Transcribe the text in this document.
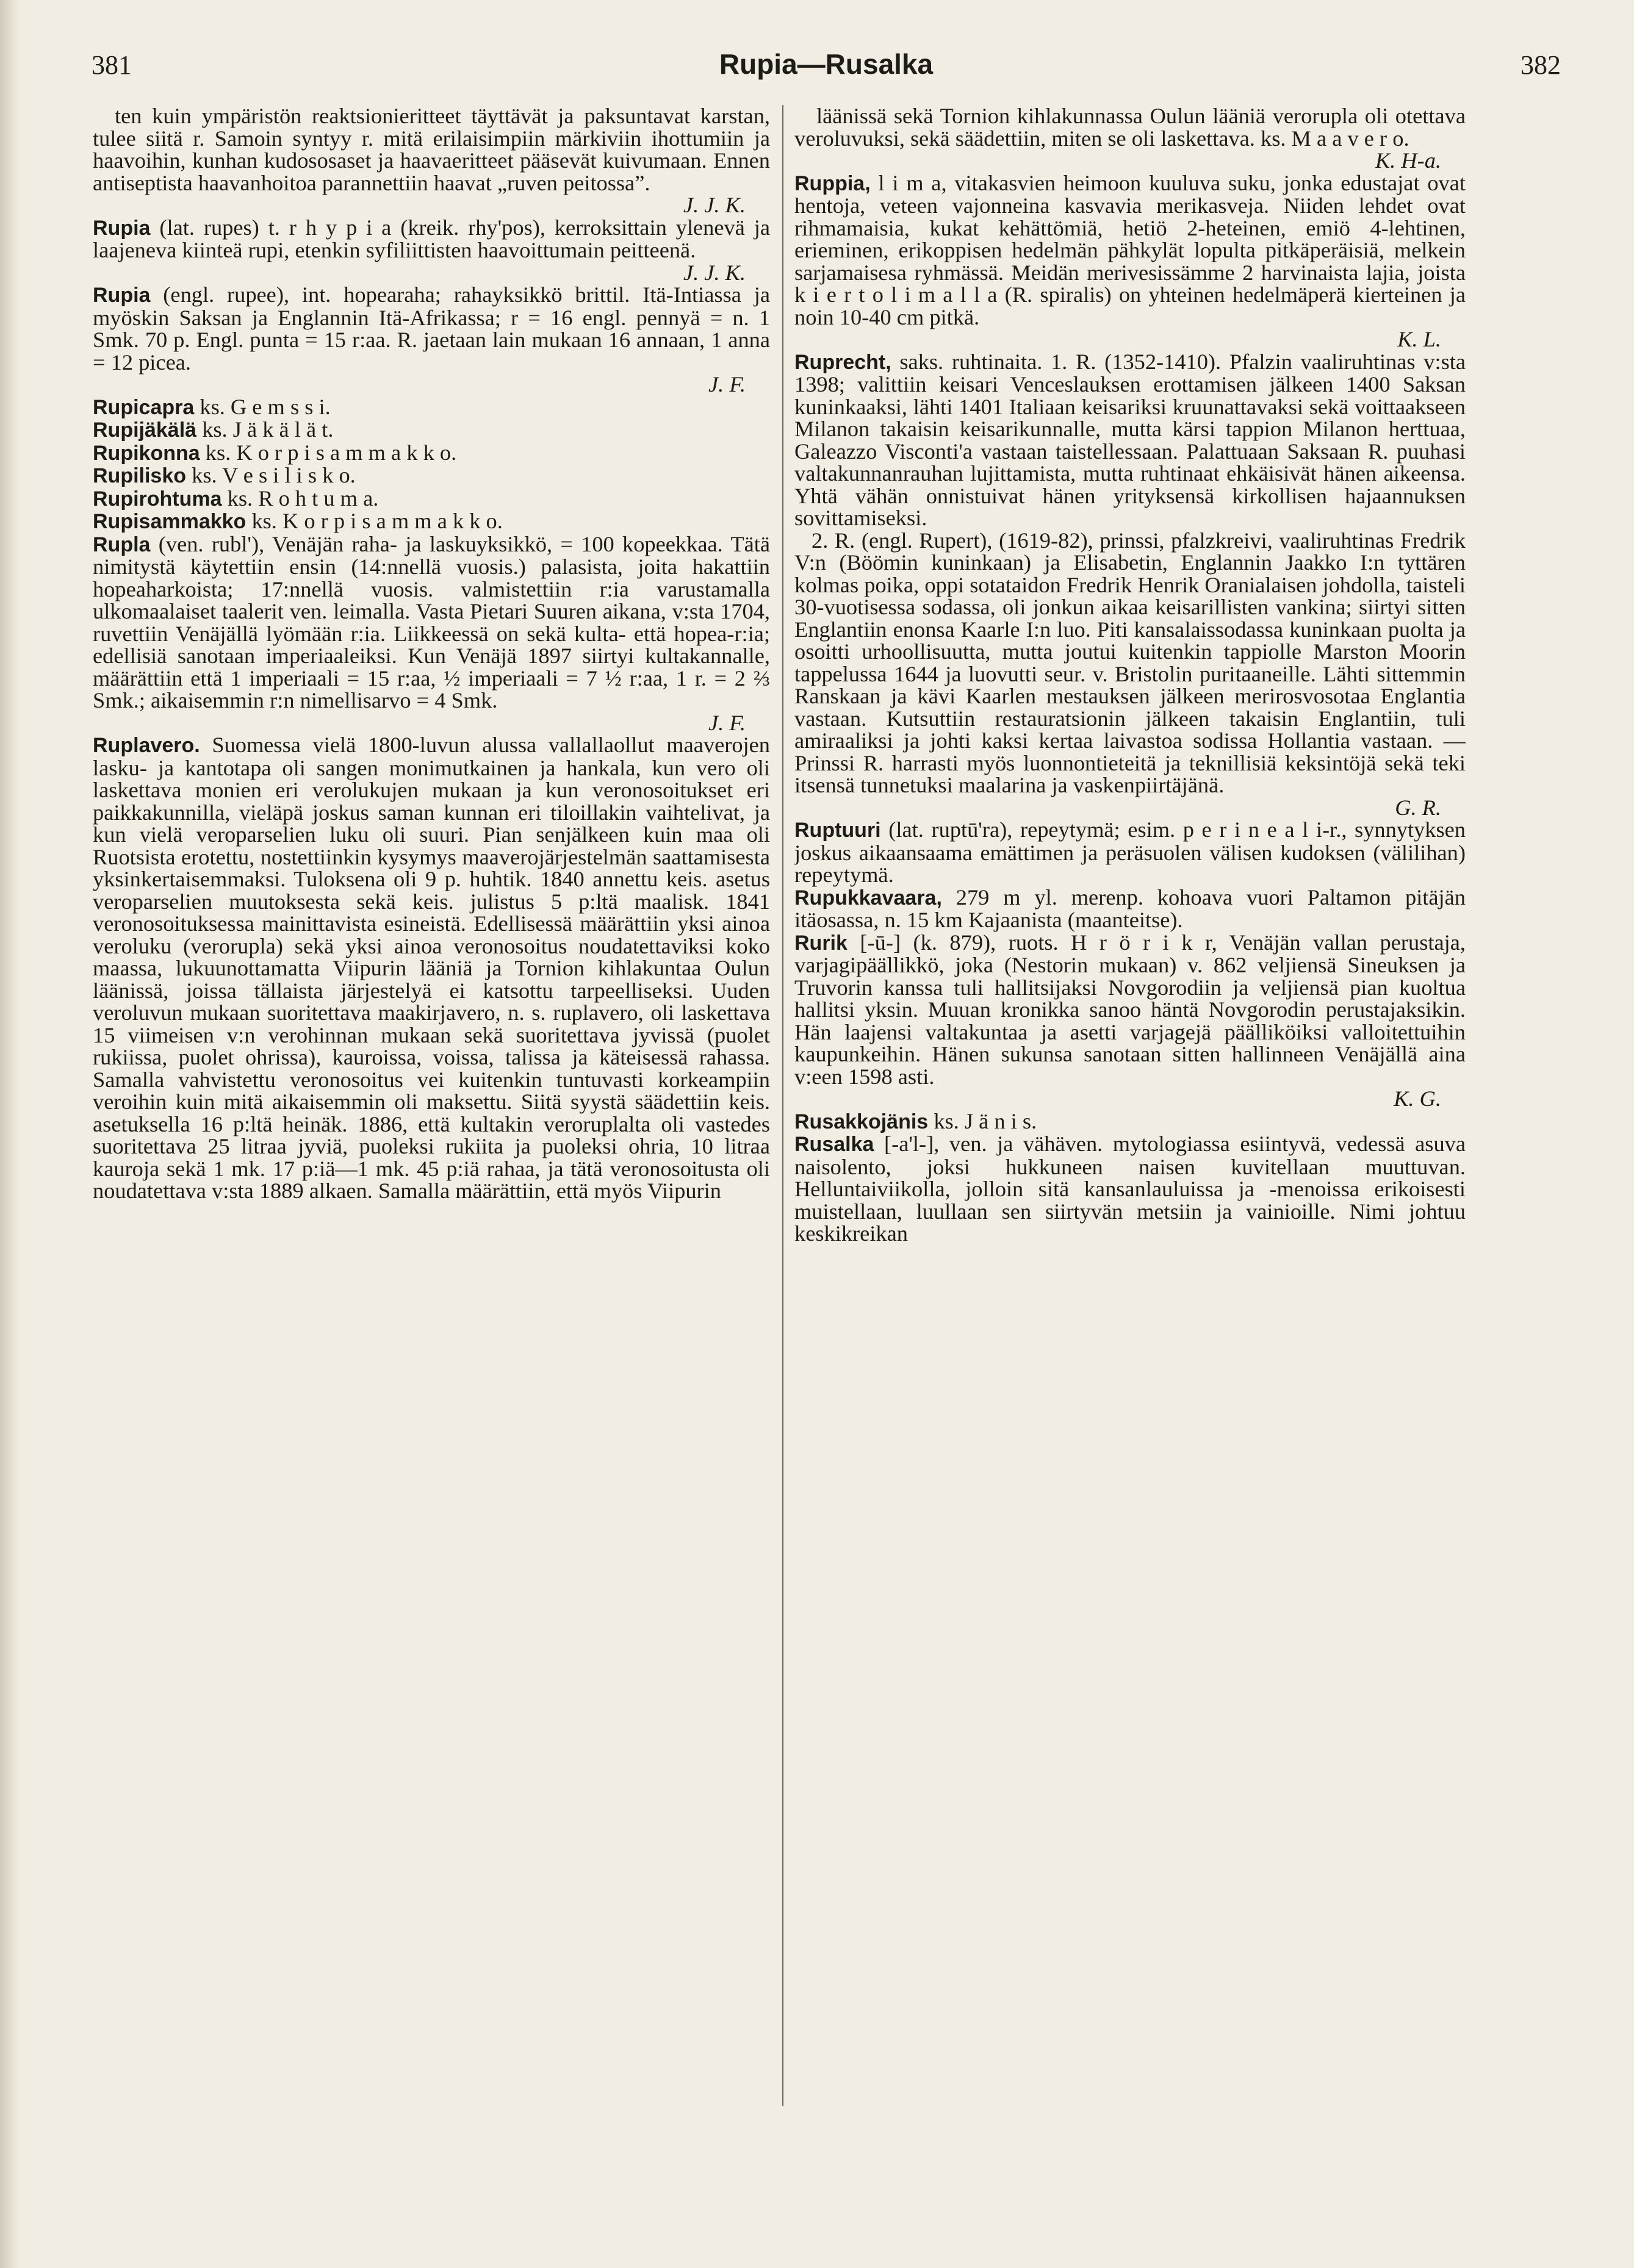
381	Rupia—Rusalka	382

ten kuin ympäristön reaktsionieritteet täyttävät ja paksuntavat karstan, tulee siitä r. Samoin syntyy r. mitä erilaisimpiin märkiviin ihottumiin ja haavoihin, kunhan kudososaset ja haavaeritteet pääsevät kuivumaan. Ennen antiseptista haavanhoitoa parannettiin haavat „ruven peitossa”.
J. J. K.

Rupia (lat. rupes) t. r h y p i a (kreik. rhy'pos), kerroksittain ylenevä ja laajeneva kiinteä rupi, etenkin syfiliittisten haavoittumain peitteenä.
J. J. K.

Rupia (engl. rupee), int. hopearaha; rahayksikkö brittil. Itä-Intiassa ja myöskin Saksan ja Englannin Itä-Afrikassa; r = 16 engl. pennyä = n. 1 Smk. 70 p. Engl. punta = 15 r:aa. R. jaetaan lain mukaan 16 annaan, 1 anna = 12 picea.
J. F.

Rupicapra ks. G e m s s i.

Rupijäkälä ks. J ä k ä l ä t.

Rupikonna ks. K o r p i s a m m a k k o.

Rupilisko ks. V e s i l i s k o.

Rupirohtuma ks. R o h t u m a.

Rupisammakko ks. K o r p i s a m m a k k o.

Rupla (ven. rubl'), Venäjän raha- ja laskuyksikkö, = 100 kopeekkaa. Tätä nimitystä käytettiin ensin (14:nnellä vuosis.) palasista, joita hakattiin hopeaharkoista; 17:nnellä vuosis. valmistettiin r:ia varustamalla ulkomaalaiset taalerit ven. leimalla. Vasta Pietari Suuren aikana, v:sta 1704, ruvettiin Venäjällä lyömään r:ia. Liikkeessä on sekä kulta- että hopea-r:ia; edellisiä sanotaan imperiaaleiksi. Kun Venäjä 1897 siirtyi kultakannalle, määrättiin että 1 imperiaali = 15 r:aa, ½ imperiaali = 7 ½ r:aa, 1 r. = 2 ⅔ Smk.; aikaisemmin r:n nimellisarvo = 4 Smk.
J. F.

Ruplavero. Suomessa vielä 1800-luvun alussa vallallaollut maaverojen lasku- ja kantotapa oli sangen monimutkainen ja hankala, kun vero oli laskettava monien eri verolukujen mukaan ja kun veronosoitukset eri paikkakunnilla, vieläpä joskus saman kunnan eri tiloillakin vaihtelivat, ja kun vielä veroparselien luku oli suuri. Pian senjälkeen kuin maa oli Ruotsista erotettu, nostettiinkin kysymys maaverojärjestelmän saattamisesta yksinkertaisemmaksi. Tuloksena oli 9 p. huhtik. 1840 annettu keis. asetus veroparselien muutoksesta sekä keis. julistus 5 p:ltä maalisk. 1841 veronosoituksessa mainittavista esineistä. Edellisessä määrättiin yksi ainoa veroluku (verorupla) sekä yksi ainoa veronosoitus noudatettaviksi koko maassa, lukuunottamatta Viipurin lääniä ja Tornion kihlakuntaa Oulun läänissä, joissa tällaista järjestelyä ei katsottu tarpeelliseksi. Uuden veroluvun mukaan suoritettava maakirjavero, n. s. ruplavero, oli laskettava 15 viimeisen v:n verohinnan mukaan sekä suoritettava jyvissä (puolet rukiissa, puolet ohrissa), kauroissa, voissa, talissa ja käteisessä rahassa. Samalla vahvistettu veronosoitus vei kuitenkin tuntuvasti korkeampiin veroihin kuin mitä aikaisemmin oli maksettu. Siitä syystä säädettiin keis. asetuksella 16 p:ltä heinäk. 1886, että kultakin veroruplalta oli vastedes suoritettava 25 litraa jyviä, puoleksi rukiita ja puoleksi ohria, 10 litraa kauroja sekä 1 mk. 17 p:iä—1 mk. 45 p:iä rahaa, ja tätä veronosoitusta oli noudatettava v:sta 1889 alkaen. Samalla määrättiin, että myös Viipurin

läänissä sekä Tornion kihlakunnassa Oulun lääniä verorupla oli otettava veroluvuksi, sekä säädettiin, miten se oli laskettava. ks. M a a v e r o.
K. H-a.

Ruppia, l i m a, vitakasvien heimoon kuuluva suku, jonka edustajat ovat hentoja, veteen vajonneina kasvavia merikasveja. Niiden lehdet ovat rihmamaisia, kukat kehättömiä, hetiö 2-heteinen, emiö 4-lehtinen, erieminen, erikoppisen hedelmän pähkylät lopulta pitkäperäisiä, melkein sarjamaisesa ryhmässä. Meidän merivesissämme 2 harvinaista lajia, joista k i e r t o l i m a l l a (R. spiralis) on yhteinen hedelmäperä kierteinen ja noin 10-40 cm pitkä.
K. L.

Ruprecht, saks. ruhtinaita. 1. R. (1352-1410). Pfalzin vaaliruhtinas v:sta 1398; valittiin keisari Venceslauksen erottamisen jälkeen 1400 Saksan kuninkaaksi, lähti 1401 Italiaan keisariksi kruunattavaksi sekä voittaakseen Milanon takaisin keisarikunnalle, mutta kärsi tappion Milanon herttuaa, Galeazzo Visconti'a vastaan taistellessaan. Palattuaan Saksaan R. puuhasi valtakunnanrauhan lujittamista, mutta ruhtinaat ehkäisivät hänen aikeensa. Yhtä vähän onnistuivat hänen yrityksensä kirkollisen hajaannuksen sovittamiseksi.

2. R. (engl. Rupert), (1619-82), prinssi, pfalzkreivi, vaaliruhtinas Fredrik V:n (Böömin kuninkaan) ja Elisabetin, Englannin Jaakko I:n tyttären kolmas poika, oppi sotataidon Fredrik Henrik Oranialaisen johdolla, taisteli 30-vuotisessa sodassa, oli jonkun aikaa keisarillisten vankina; siirtyi sitten Englantiin enonsa Kaarle I:n luo. Piti kansalaissodassa kuninkaan puolta ja osoitti urhoollisuutta, mutta joutui kuitenkin tappiolle Marston Moorin tappelussa 1644 ja luovutti seur. v. Bristolin puritaaneille. Lähti sittemmin Ranskaan ja kävi Kaarlen mestauksen jälkeen merirosvosotaa Englantia vastaan. Kutsuttiin restauratsionin jälkeen takaisin Englantiin, tuli amiraaliksi ja johti kaksi kertaa laivastoa sodissa Hollantia vastaan. — Prinssi R. harrasti myös luonnontieteitä ja teknillisiä keksintöjä sekä teki itsensä tunnetuksi maalarina ja vaskenpiirtäjänä.
G. R.

Ruptuuri (lat. ruptū'ra), repeytymä; esim. p e r i n e a l i-r., synnytyksen joskus aikaansaama emättimen ja peräsuolen välisen kudoksen (välilihan) repeytymä.

Rupukkavaara, 279 m yl. merenp. kohoava vuori Paltamon pitäjän itäosassa, n. 15 km Kajaanista (maanteitse).

Rurik [-ū-] (k. 879), ruots. H r ö r i k r, Venäjän vallan perustaja, varjagipäällikkö, joka (Nestorin mukaan) v. 862 veljiensä Sineuksen ja Truvorin kanssa tuli hallitsijaksi Novgorodiin ja veljiensä pian kuoltua hallitsi yksin. Muuan kronikka sanoo häntä Novgorodin perustajaksikin. Hän laajensi valtakuntaa ja asetti varjagejä päälliköiksi valloitettuihin kaupunkeihin. Hänen sukunsa sanotaan sitten hallinneen Venäjällä aina v:een 1598 asti.
K. G.

Rusakkojänis ks. J ä n i s.

Rusalka [-a'l-], ven. ja vähäven. mytologiassa esiintyvä, vedessä asuva naisolento, joksi hukkuneen naisen kuvitellaan muuttuvan. Helluntaiviikolla, jolloin sitä kansanlauluissa ja -menoissa erikoisesti muistellaan, luullaan sen siirtyvän metsiin ja vainioille. Nimi johtuu keskikreikan
